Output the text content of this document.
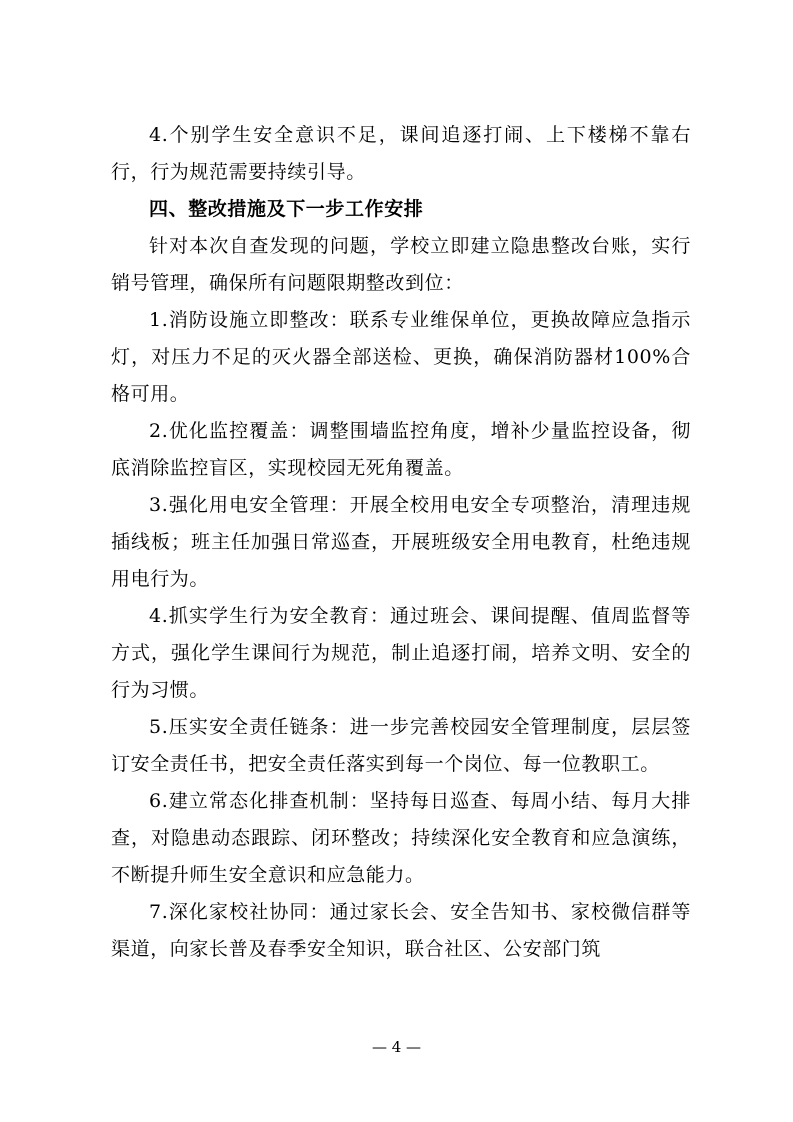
4.个别学生安全意识不足，课间追逐打闹、上下楼梯不靠右行，行为规范需要持续引导。

四、整改措施及下一步工作安排

针对本次自查发现的问题，学校立即建立隐患整改台账，实行销号管理，确保所有问题限期整改到位：

1.消防设施立即整改：联系专业维保单位，更换故障应急指示灯，对压力不足的灭火器全部送检、更换，确保消防器材100%合格可用。

2.优化监控覆盖：调整围墙监控角度，增补少量监控设备，彻底消除监控盲区，实现校园无死角覆盖。

3.强化用电安全管理：开展全校用电安全专项整治，清理违规插线板；班主任加强日常巡查，开展班级安全用电教育，杜绝违规用电行为。

4.抓实学生行为安全教育：通过班会、课间提醒、值周监督等方式，强化学生课间行为规范，制止追逐打闹，培养文明、安全的行为习惯。

5.压实安全责任链条：进一步完善校园安全管理制度，层层签订安全责任书，把安全责任落实到每一个岗位、每一位教职工。

6.建立常态化排查机制：坚持每日巡查、每周小结、每月大排查，对隐患动态跟踪、闭环整改；持续深化安全教育和应急演练，不断提升师生安全意识和应急能力。

7.深化家校社协同：通过家长会、安全告知书、家校微信群等渠道，向家长普及春季安全知识，联合社区、公安部门筑

— 4 —
